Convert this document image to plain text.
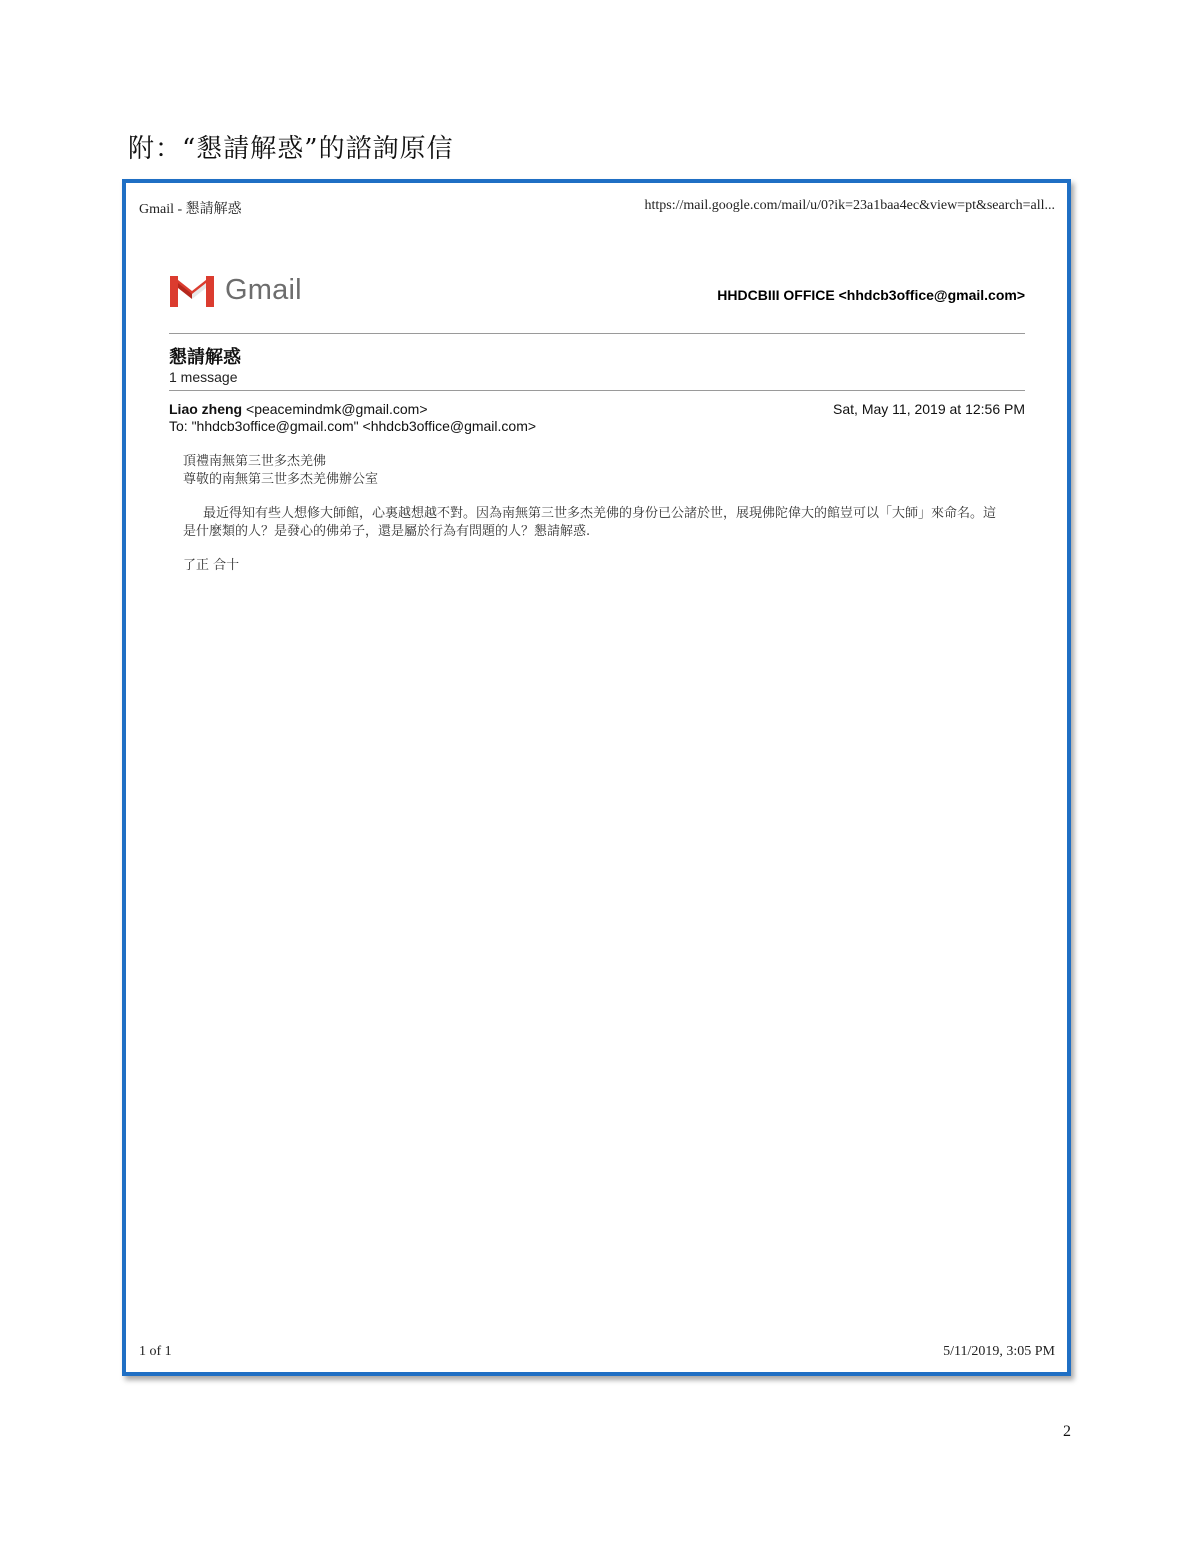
附：“懇請解惑”的諮詢原信
Gmail - 懇請解惑	https://mail.google.com/mail/u/0?ik=23a1baa4ec&view=pt&search=all...
Gmail	HHDCBIII OFFICE <hhdcb3office@gmail.com>
懇請解惑
1 message
Liao zheng <peacemindmk@gmail.com>	Sat, May 11, 2019 at 12:56 PM
To: "hhdcb3office@gmail.com" <hhdcb3office@gmail.com>

頂禮南無第三世多杰羌佛

尊敬的南無第三世多杰羌佛辦公室

最近得知有些人想修大師館，心裏越想越不對。因為南無第三世多杰羌佛的身份已公諸於世，展現佛陀偉大的館豈可以「大師」來命名。這是什麼類的人？是發心的佛弟子，還是屬於行為有問題的人？懇請解惑.

了正 合十

1 of 1	5/11/2019, 3:05 PM
2
